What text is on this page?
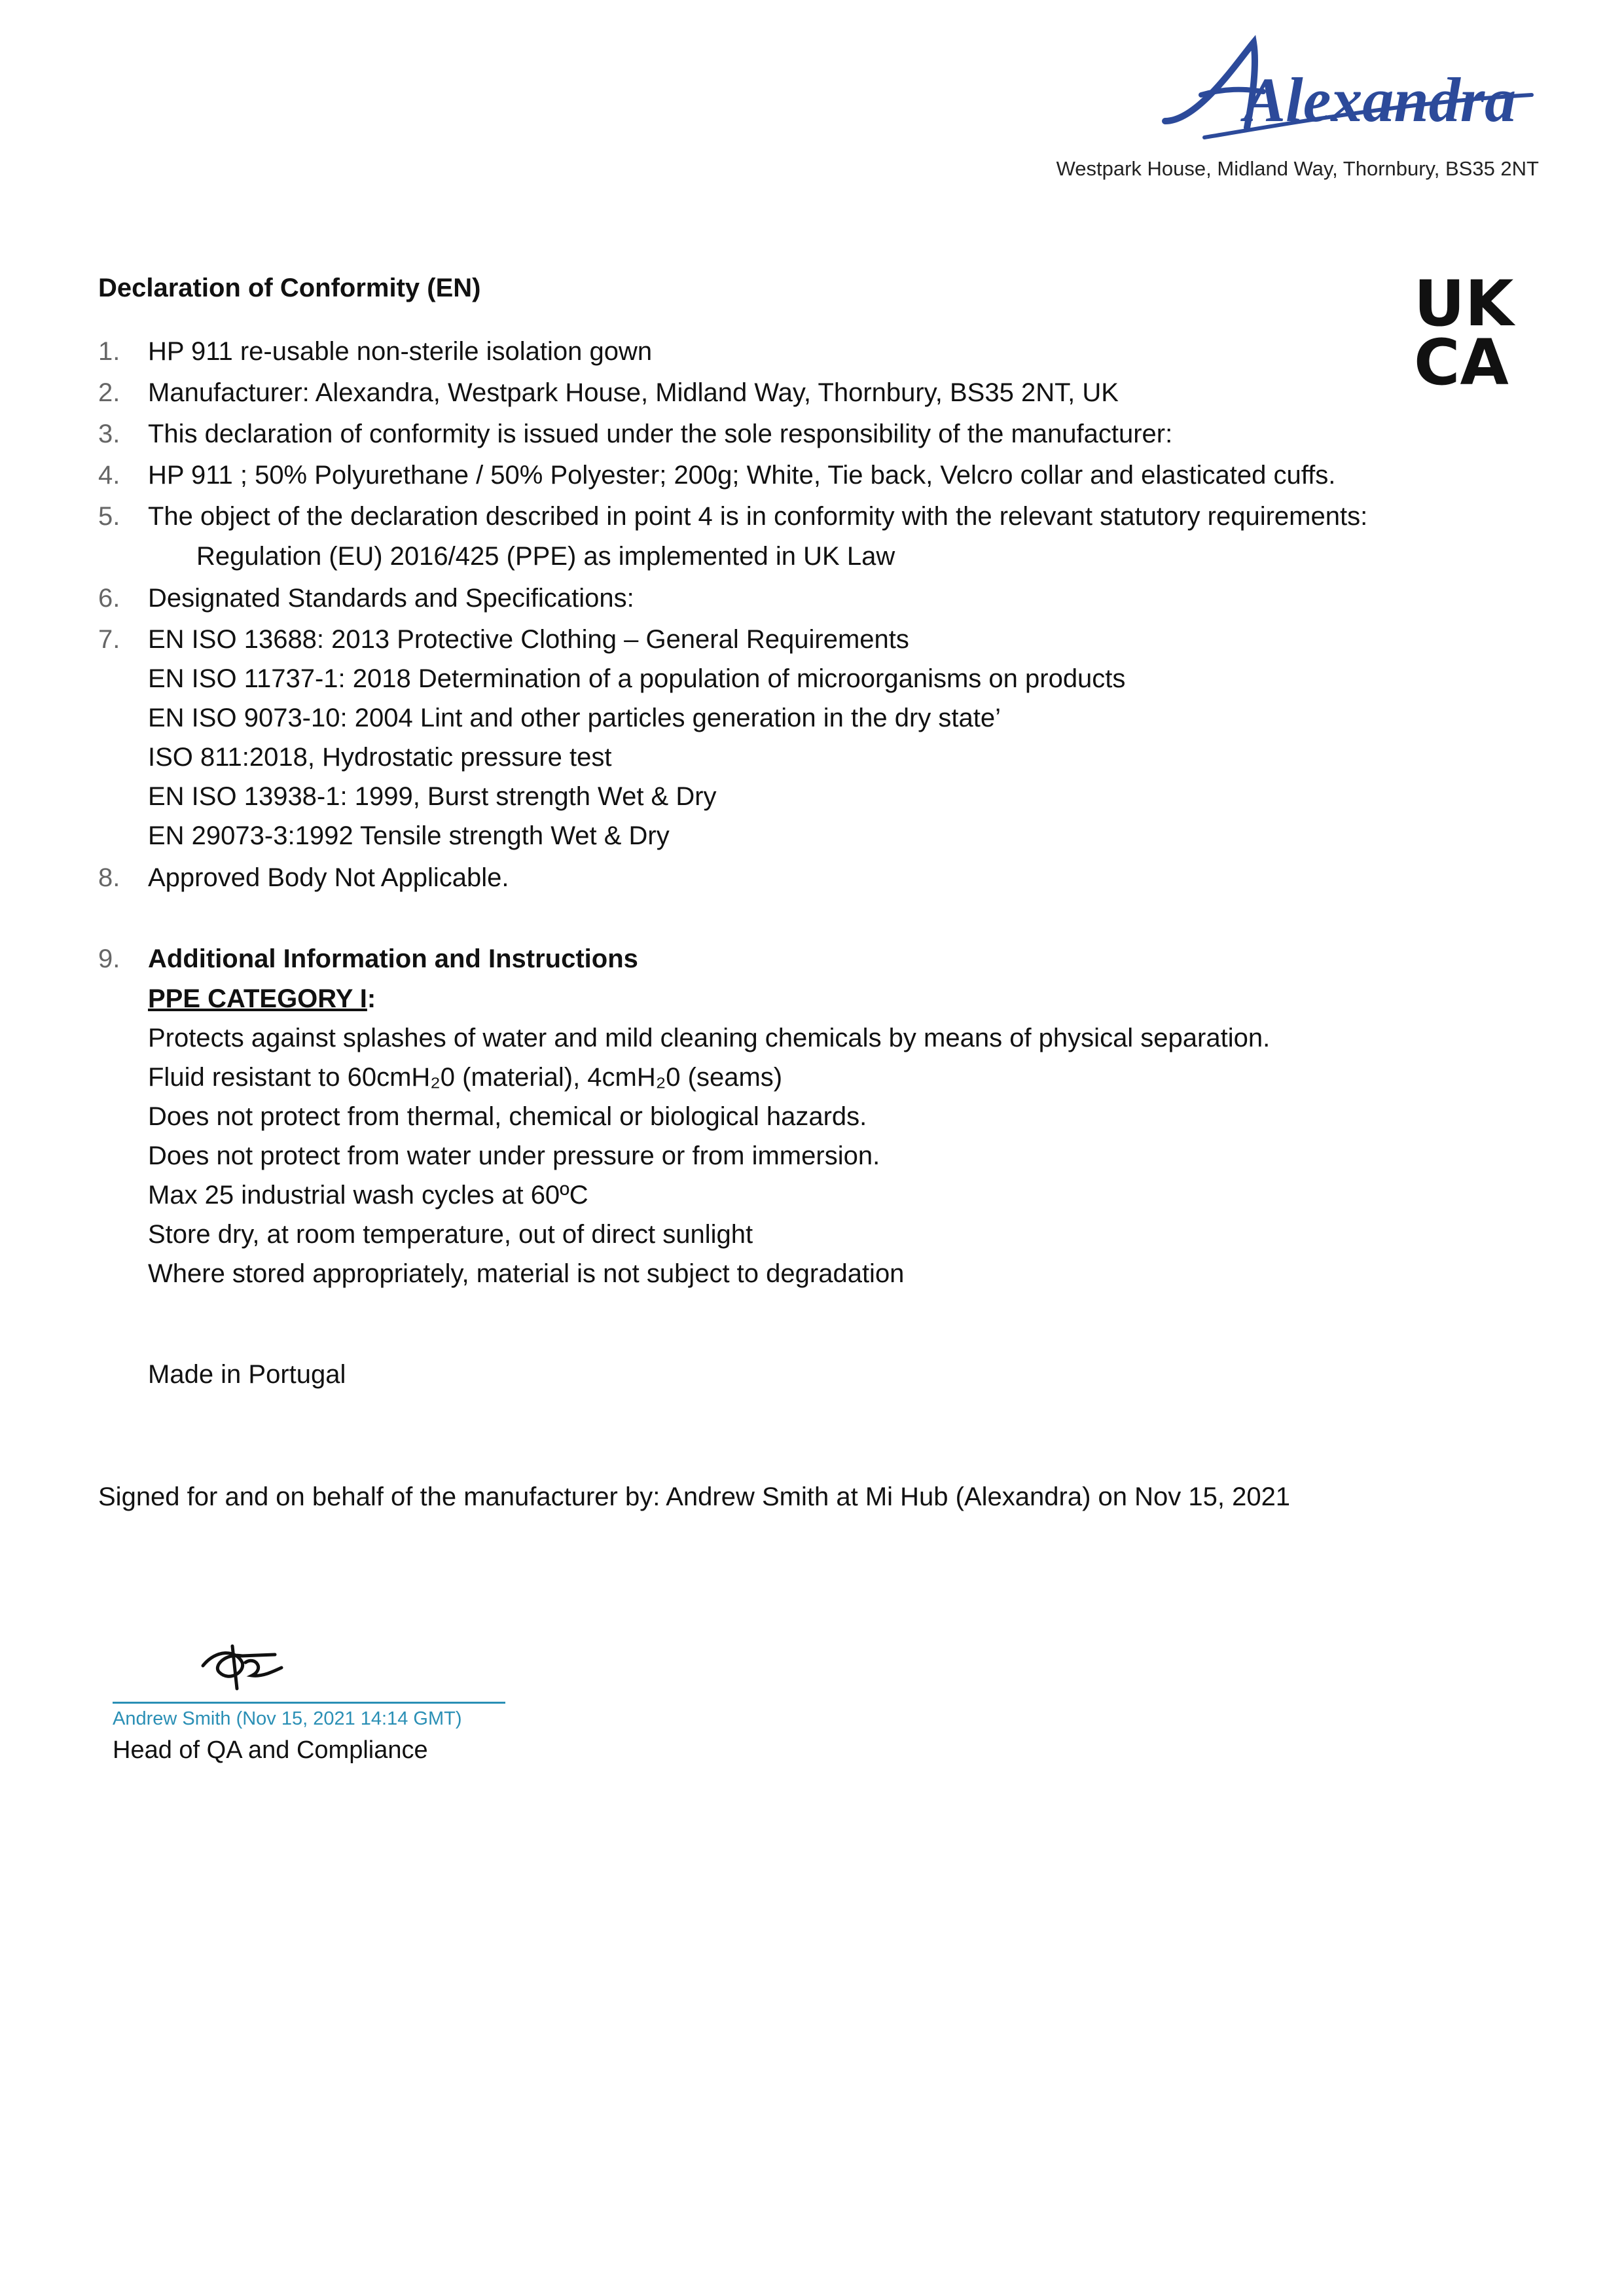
Alexandra
Westpark House, Midland Way, Thornbury, BS35 2NT
UK
CA
Declaration of Conformity (EN)
1. HP 911 re-usable non-sterile isolation gown
2. Manufacturer: Alexandra, Westpark House, Midland Way, Thornbury, BS35 2NT, UK
3. This declaration of conformity is issued under the sole responsibility of the manufacturer:
4. HP 911 ; 50% Polyurethane / 50% Polyester; 200g; White, Tie back, Velcro collar and elasticated cuffs.
5. The object of the declaration described in point 4 is in conformity with the relevant statutory requirements:
Regulation (EU) 2016/425 (PPE) as implemented in UK Law
6. Designated Standards and Specifications:
7. EN ISO 13688: 2013 Protective Clothing – General Requirements
EN ISO 11737-1: 2018 Determination of a population of microorganisms on products
EN ISO 9073-10: 2004 Lint and other particles generation in the dry state’
ISO 811:2018, Hydrostatic pressure test
EN ISO 13938-1: 1999, Burst strength Wet & Dry
EN 29073-3:1992 Tensile strength Wet & Dry
8. Approved Body Not Applicable.
9. Additional Information and Instructions
PPE CATEGORY I:
Protects against splashes of water and mild cleaning chemicals by means of physical separation.
Fluid resistant to 60cmH₂0 (material), 4cmH₂0 (seams)
Does not protect from thermal, chemical or biological hazards.
Does not protect from water under pressure or from immersion.
Max 25 industrial wash cycles at 60ºC
Store dry, at room temperature, out of direct sunlight
Where stored appropriately, material is not subject to degradation
Made in Portugal
Signed for and on behalf of the manufacturer by: Andrew Smith at Mi Hub (Alexandra) on Nov 15, 2021
Andrew Smith (Nov 15, 2021 14:14 GMT)
Head of QA and Compliance
